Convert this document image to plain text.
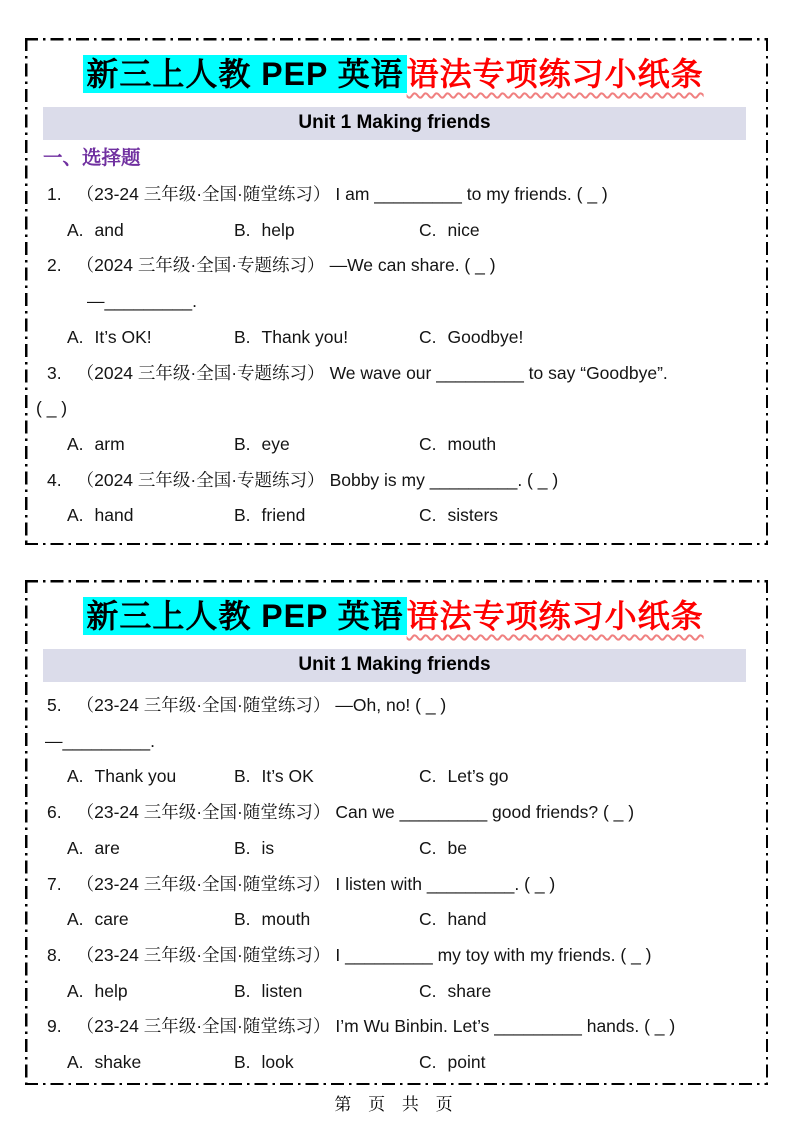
新三上人教 PEP 英语语法专项练习小纸条
Unit 1 Making friends
一、选择题
1. （23-24 三年级·全国·随堂练习） I am _________ to my friends. ( _ )
A. and	B. help	C. nice
2. （2024 三年级·全国·专题练习） —We can share. ( _ )
—_________.
A. It’s OK!	B. Thank you!	C. Goodbye!
3. （2024 三年级·全国·专题练习） We wave our _________ to say “Goodbye”.
( _ )
A. arm	B. eye	C. mouth
4. （2024 三年级·全国·专题练习） Bobby is my _________. ( _ )
A. hand	B. friend	C. sisters
新三上人教 PEP 英语语法专项练习小纸条
Unit 1 Making friends
5. （23-24 三年级·全国·随堂练习） —Oh, no! ( _ )
—_________.
A. Thank you	B. It’s OK	C. Let’s go
6. （23-24 三年级·全国·随堂练习） Can we _________ good friends? ( _ )
A. are	B. is	C. be
7. （23-24 三年级·全国·随堂练习） I listen with _________. ( _ )
A. care	B. mouth	C. hand
8. （23-24 三年级·全国·随堂练习） I _________ my toy with my friends. ( _ )
A. help	B. listen	C. share
9. （23-24 三年级·全国·随堂练习） I’m Wu Binbin. Let’s _________ hands. ( _ )
A. shake	B. look	C. point
第 页 共 页
